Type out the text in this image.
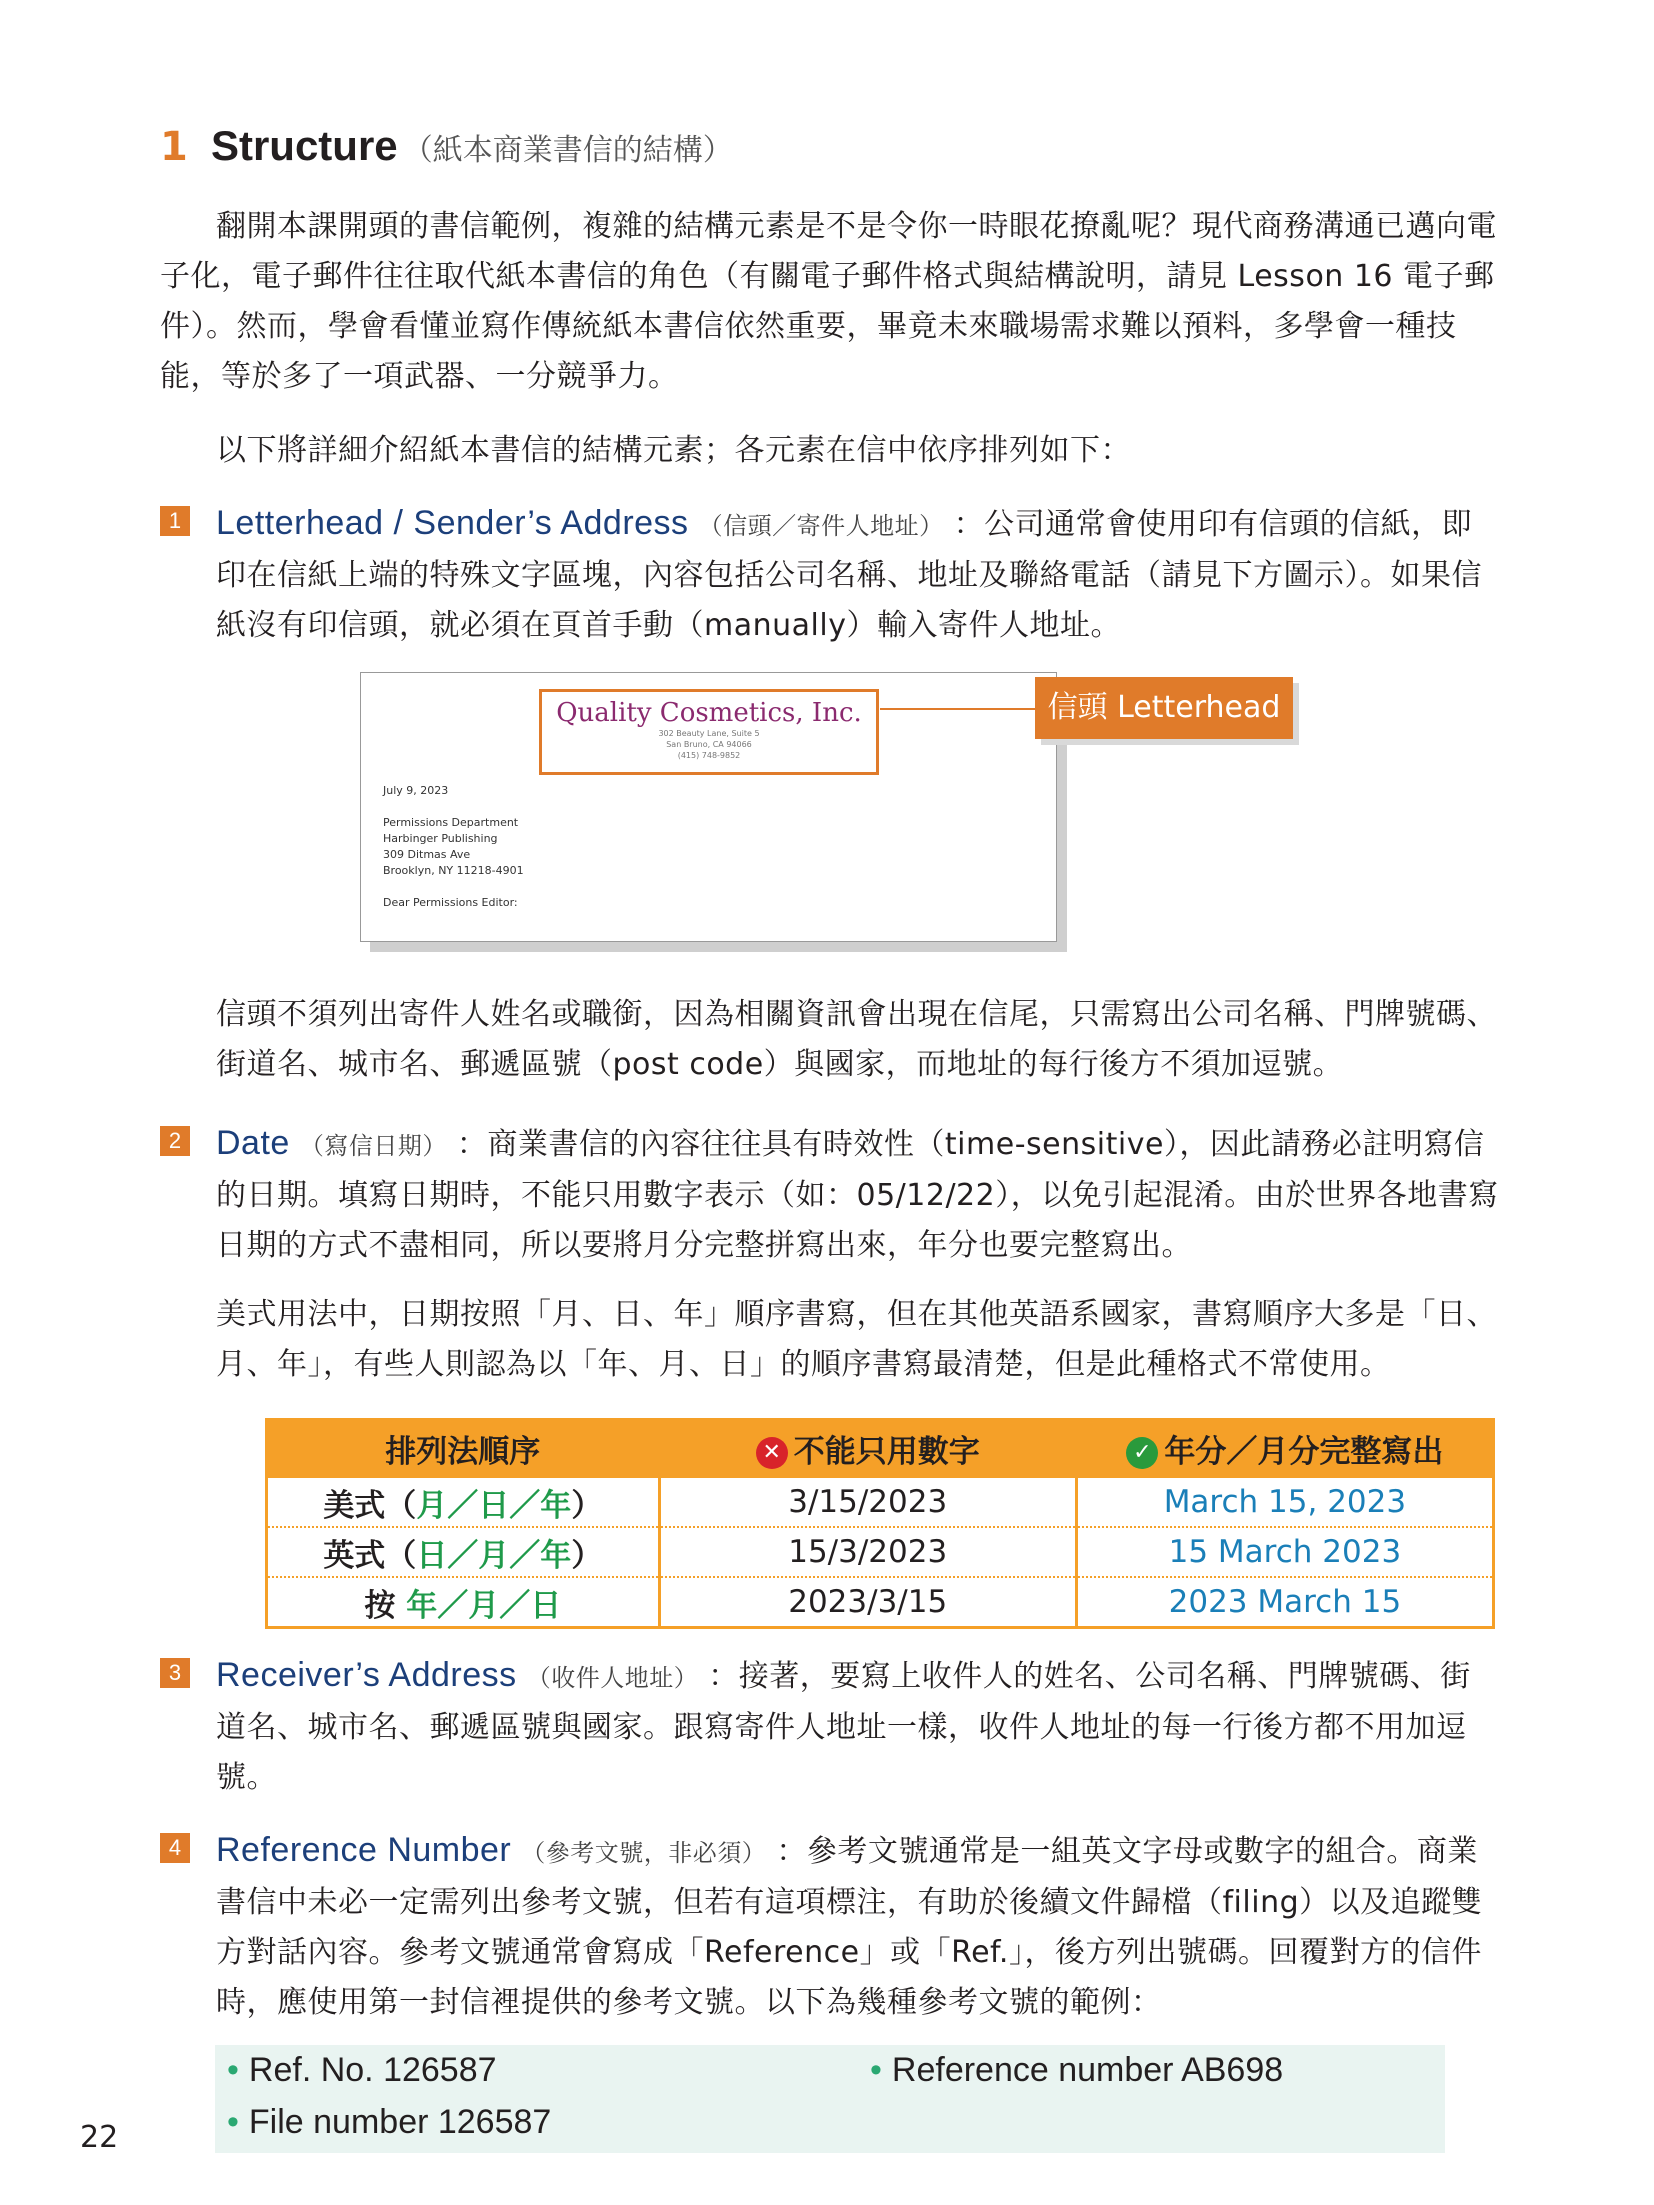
1 Structure （紙本商業書信的結構）
翻開本課開頭的書信範例，複雜的結構元素是不是令你一時眼花撩亂呢？現代商務溝通已邁向電子化，電子郵件往往取代紙本書信的角色（有關電子郵件格式與結構說明，請見 Lesson 16 電子郵件）。然而，學會看懂並寫作傳統紙本書信依然重要，畢竟未來職場需求難以預料，多學會一種技能，等於多了一項武器、一分競爭力。
以下將詳細介紹紙本書信的結構元素；各元素在信中依序排列如下：
1 Letterhead / Sender’s Address （信頭／寄件人地址） ：公司通常會使用印有信頭的信紙，即印在信紙上端的特殊文字區塊，內容包括公司名稱、地址及聯絡電話（請見下方圖示）。如果信紙沒有印信頭，就必須在頁首手動（manually）輸入寄件人地址。
Quality Cosmetics, Inc.
302 Beauty Lane, Suite 5
San Bruno, CA 94066
(415) 748-9852
July 9, 2023
Permissions Department
Harbinger Publishing
309 Ditmas Ave
Brooklyn, NY 11218-4901
Dear Permissions Editor:
信頭 Letterhead
信頭不須列出寄件人姓名或職銜，因為相關資訊會出現在信尾，只需寫出公司名稱、門牌號碼、街道名、城市名、郵遞區號（post code）與國家，而地址的每行後方不須加逗號。
2 Date （寫信日期） ：商業書信的內容往往具有時效性（time-sensitive），因此請務必註明寫信的日期。填寫日期時，不能只用數字表示（如：05/12/22），以免引起混淆。由於世界各地書寫日期的方式不盡相同，所以要將月分完整拼寫出來，年分也要完整寫出。
美式用法中，日期按照「月、日、年」順序書寫，但在其他英語系國家，書寫順序大多是「日、月、年」，有些人則認為以「年、月、日」的順序書寫最清楚，但是此種格式不常使用。
排列法順序	✕ 不能只用數字	✓ 年分／月分完整寫出
美式（月／日／年）	3/15/2023	March 15, 2023
英式（日／月／年）	15/3/2023	15 March 2023
按 年／月／日	2023/3/15	2023 March 15
3 Receiver’s Address （收件人地址） ：接著，要寫上收件人的姓名、公司名稱、門牌號碼、街道名、城市名、郵遞區號與國家。跟寫寄件人地址一樣，收件人地址的每一行後方都不用加逗號。
4 Reference Number （參考文號，非必須） ：參考文號通常是一組英文字母或數字的組合。商業書信中未必一定需列出參考文號，但若有這項標注，有助於後續文件歸檔（filing）以及追蹤雙方對話內容。參考文號通常會寫成「Reference」或「Ref.」，後方列出號碼。回覆對方的信件時，應使用第一封信裡提供的參考文號。以下為幾種參考文號的範例：
• Ref. No. 126587	• Reference number AB698
• File number 126587
22
